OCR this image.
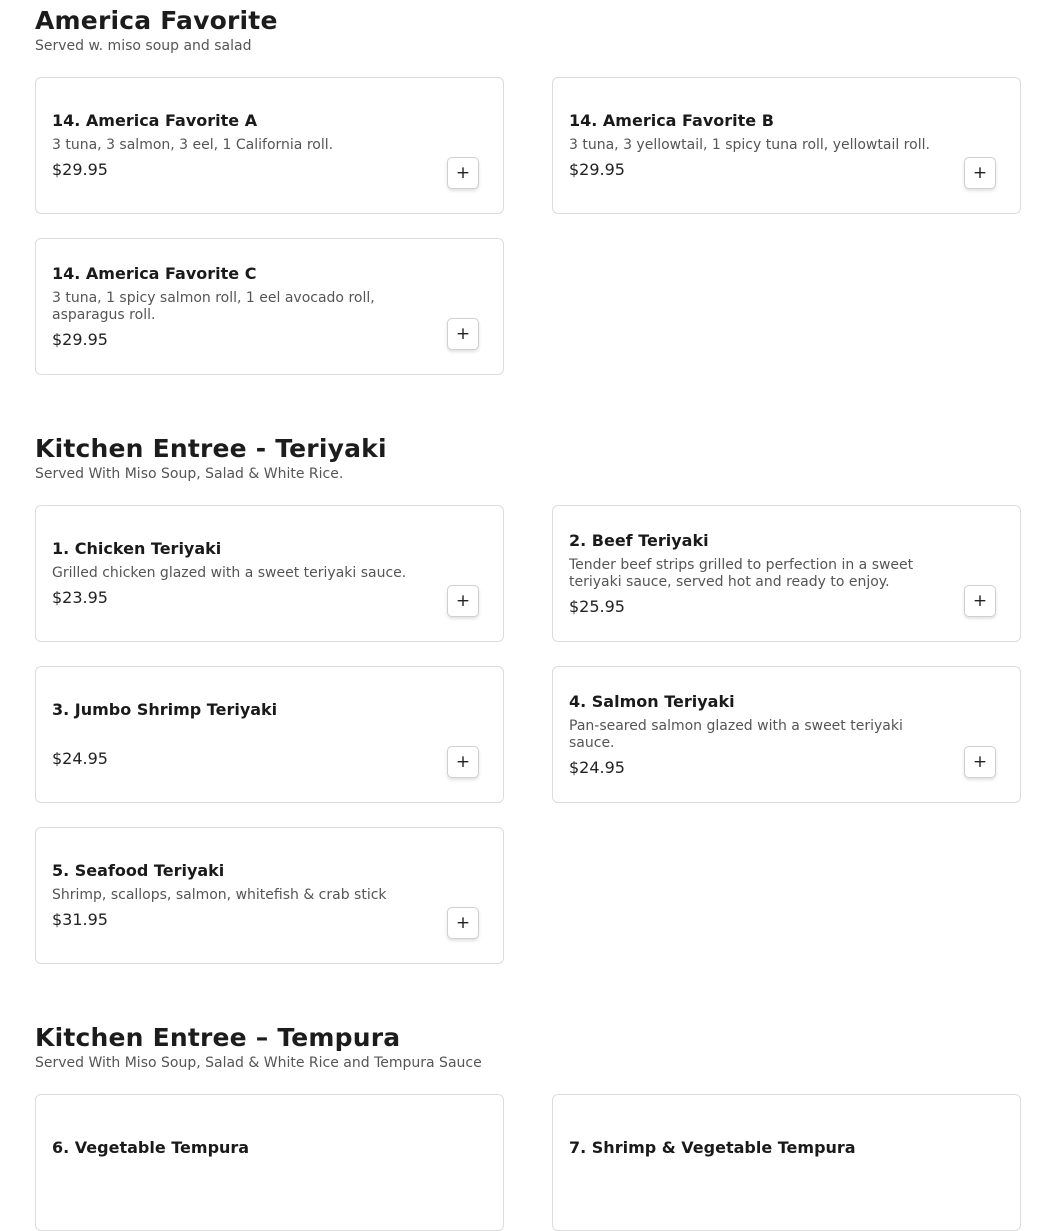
America Favorite

Served w. miso soup and salad

14. America Favorite A
3 tuna, 3 salmon, 3 eel, 1 California roll.
$29.95	+
14. America Favorite B
3 tuna, 3 yellowtail, 1 spicy tuna roll, yellowtail roll.
$29.95	+
14. America Favorite C
3 tuna, 1 spicy salmon roll, 1 eel avocado roll, asparagus roll.
$29.95	+
Kitchen Entree - Teriyaki

Served With Miso Soup, Salad & White Rice.

1. Chicken Teriyaki
Grilled chicken glazed with a sweet teriyaki sauce.
$23.95	+
2. Beef Teriyaki
Tender beef strips grilled to perfection in a sweet teriyaki sauce, served hot and ready to enjoy.
$25.95	+
3. Jumbo Shrimp Teriyaki
$24.95	+
4. Salmon Teriyaki
Pan-seared salmon glazed with a sweet teriyaki sauce.
$24.95	+
5. Seafood Teriyaki
Shrimp, scallops, salmon, whitefish & crab stick
$31.95	+
Kitchen Entree – Tempura

Served With Miso Soup, Salad & White Rice and Tempura Sauce

6. Vegetable Tempura	7. Shrimp & Vegetable Tempura
